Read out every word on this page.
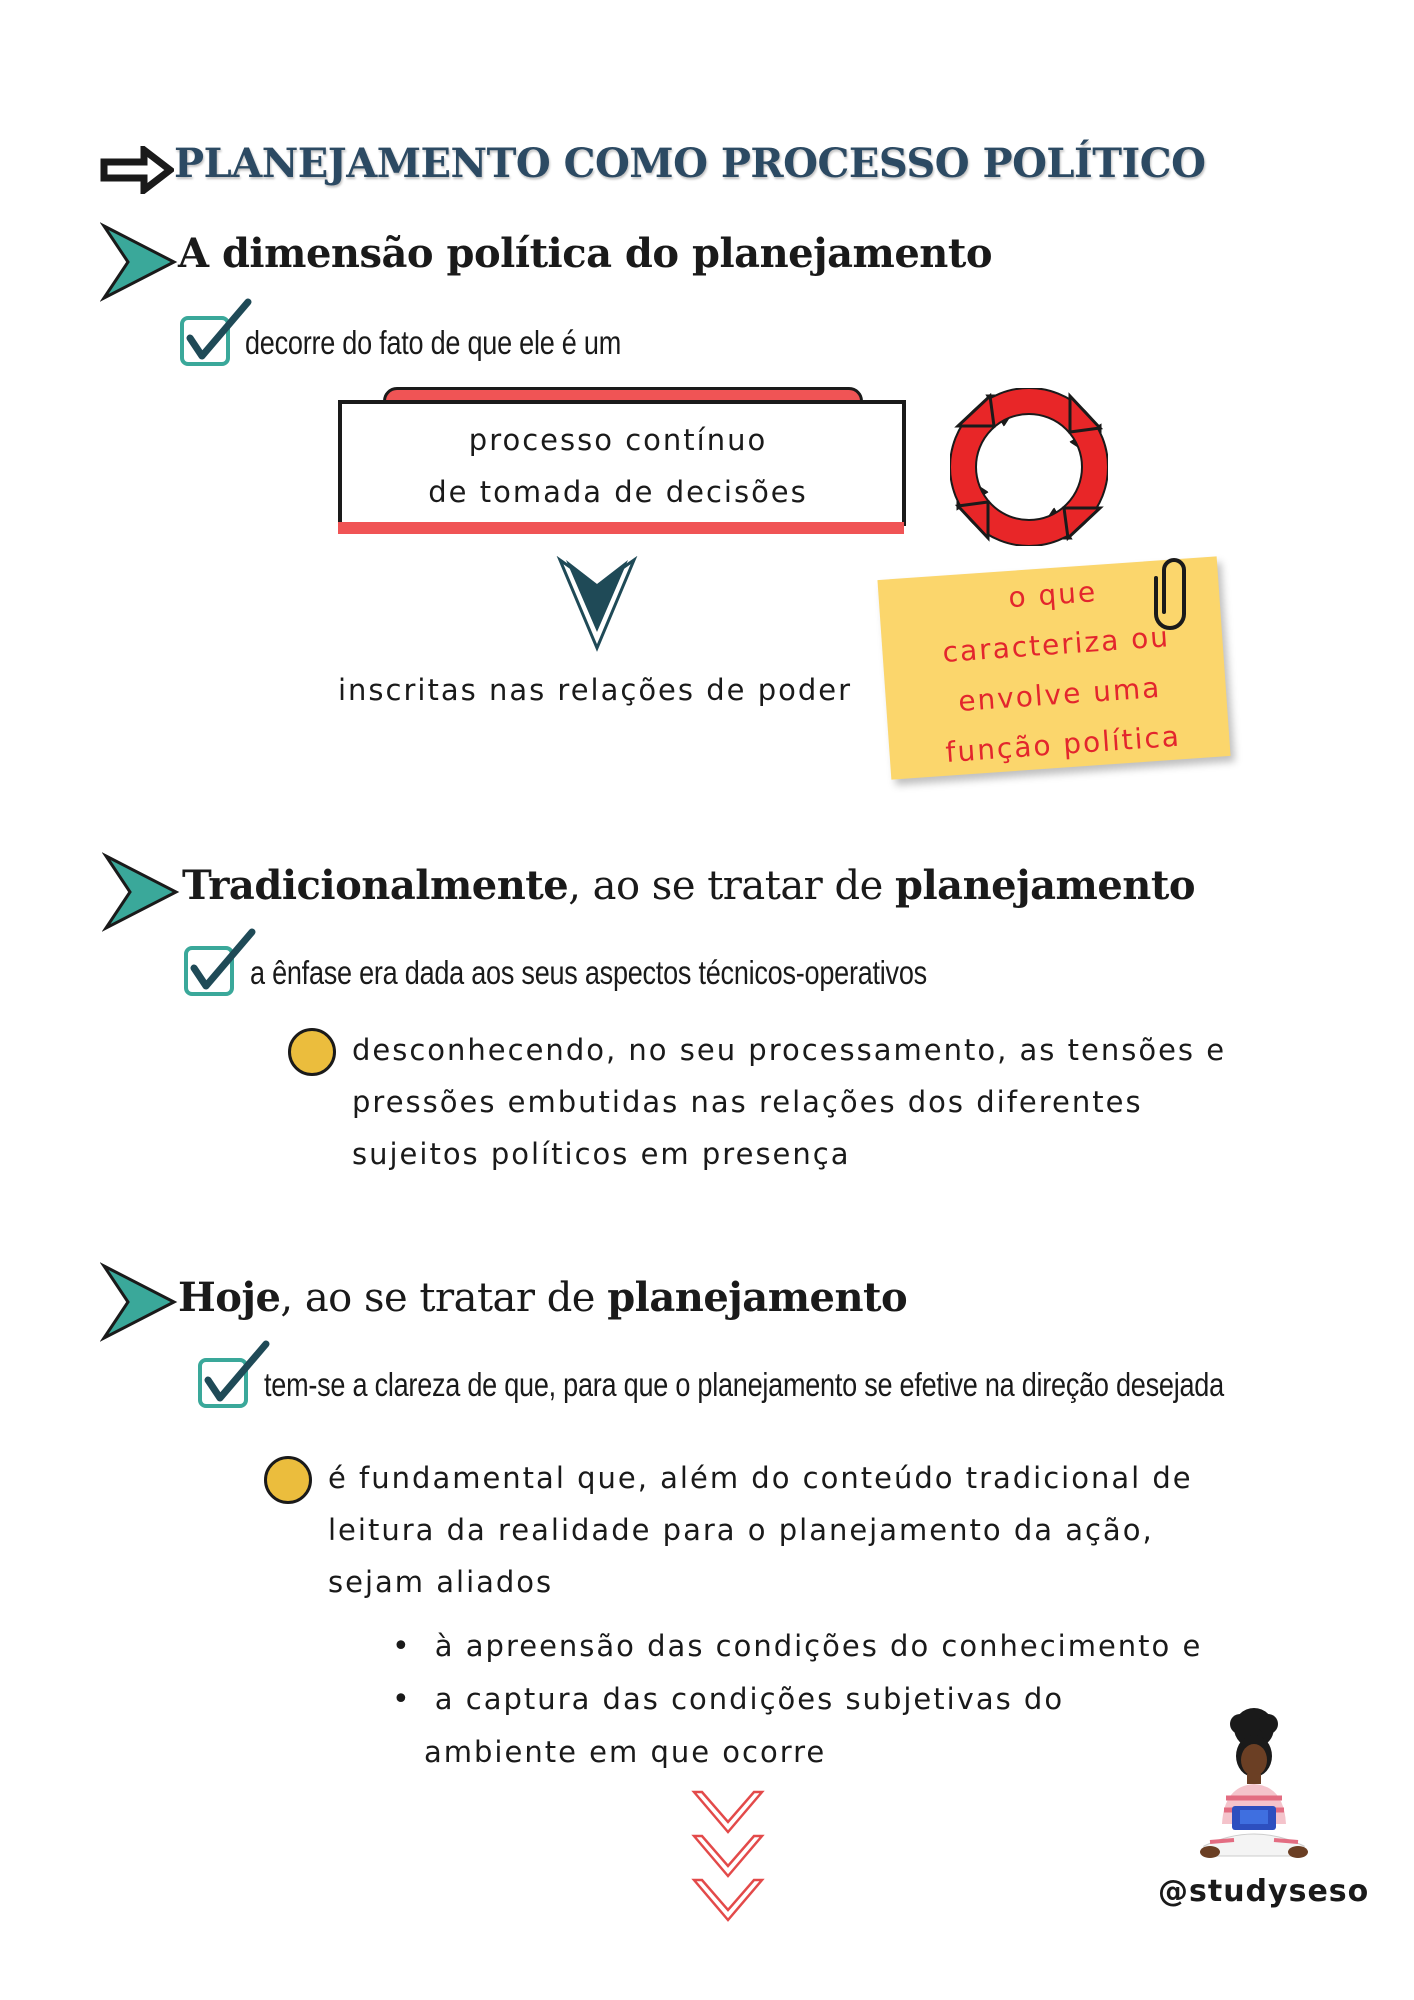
PLANEJAMENTO COMO PROCESSO POLÍTICO
A dimensão política do planejamento
decorre do fato de que ele é um
processo contínuo
de tomada de decisões
inscritas nas relações de poder
o que
caracteriza ou
envolve uma
função política
Tradicionalmente, ao se tratar de planejamento
a ênfase era dada aos seus aspectos técnicos-operativos
desconhecendo, no seu processamento, as tensões e
pressões embutidas nas relações dos diferentes
sujeitos políticos em presença
Hoje, ao se tratar de planejamento
tem-se a clareza de que, para que o planejamento se efetive na direção desejada
é fundamental que, além do conteúdo tradicional de
leitura da realidade para o planejamento da ação,
sejam aliados
•  à apreensão das condições do conhecimento e
•  a captura das condições subjetivas do
ambiente em que ocorre
@studyseso
